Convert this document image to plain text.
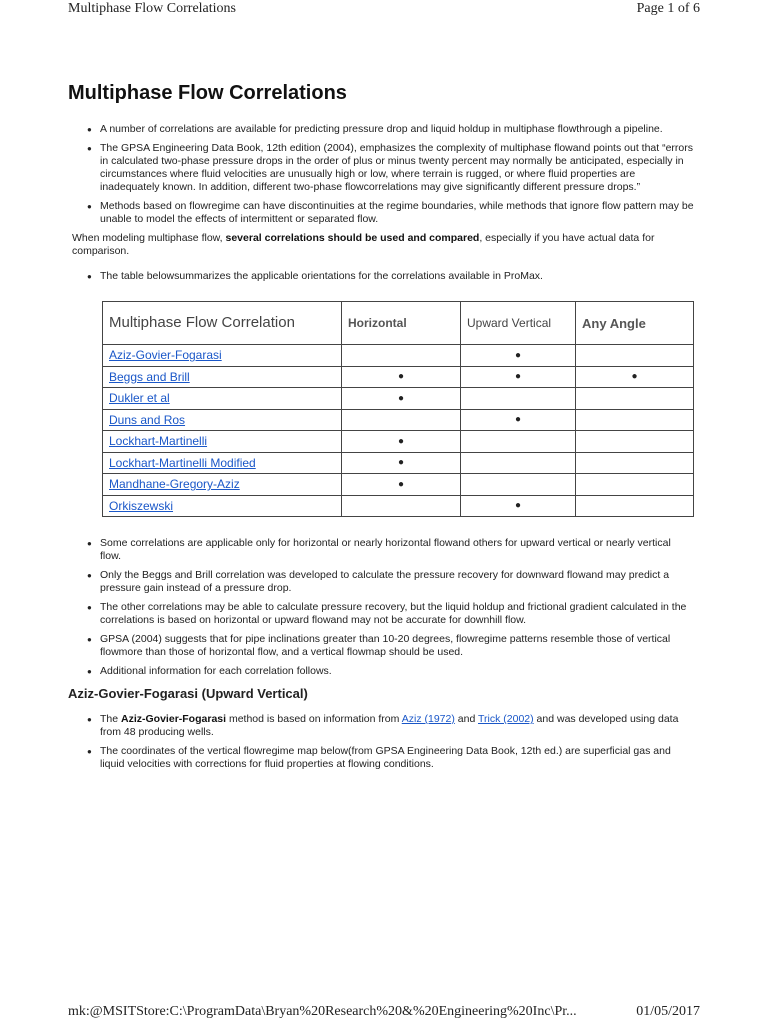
Multiphase Flow Correlations	Page 1 of 6
Multiphase Flow Correlations
● A number of correlations are available for predicting pressure drop and liquid holdup in multiphase flowthrough a pipeline.
● The GPSA Engineering Data Book, 12th edition (2004), emphasizes the complexity of multiphase flowand points out that “errors in calculated two-phase pressure drops in the order of plus or minus twenty percent may normally be anticipated, especially in circumstances where fluid velocities are unusually high or low, where terrain is rugged, or where fluid properties are inadequately known. In addition, different two-phase flowcorrelations may give significantly different pressure drops.”
● Methods based on flowregime can have discontinuities at the regime boundaries, while methods that ignore flow pattern may be unable to model the effects of intermittent or separated flow.

When modeling multiphase flow, several correlations should be used and compared, especially if you have actual data for comparison.

● The table belowsummarizes the applicable orientations for the correlations available in ProMax.
Multiphase Flow Correlation	Horizontal	Upward Vertical	Any Angle
Aziz-Govier-Fogarasi		●	
Beggs and Brill	●	●	●
Dukler et al	●		
Duns and Ros		●	
Lockhart-Martinelli	●		
Lockhart-Martinelli Modified	●		
Mandhane-Gregory-Aziz	●		
Orkiszewski		●	
● Some correlations are applicable only for horizontal or nearly horizontal flowand others for upward vertical or nearly vertical flow.
● Only the Beggs and Brill correlation was developed to calculate the pressure recovery for downward flowand may predict a pressure gain instead of a pressure drop.
● The other correlations may be able to calculate pressure recovery, but the liquid holdup and frictional gradient calculated in the correlations is based on horizontal or upward flowand may not be accurate for downhill flow.
● GPSA (2004) suggests that for pipe inclinations greater than 10-20 degrees, flowregime patterns resemble those of vertical flowmore than those of horizontal flow, and a vertical flowmap should be used.
● Additional information for each correlation follows.
Aziz-Govier-Fogarasi (Upward Vertical)
● The Aziz-Govier-Fogarasi method is based on information from Aziz (1972) and Trick (2002) and was developed using data from 48 producing wells.
● The coordinates of the vertical flowregime map below(from GPSA Engineering Data Book, 12th ed.) are superficial gas and liquid velocities with corrections for fluid properties at flowing conditions.
mk:@MSITStore:C:\ProgramData\Bryan%20Research%20&%20Engineering%20Inc\Pr...	01/05/2017
